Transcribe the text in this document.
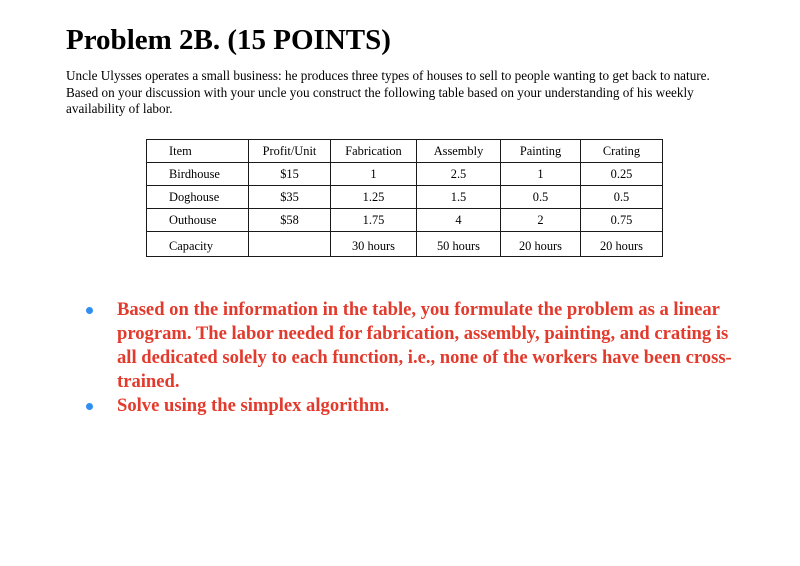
Problem 2B. (15 POINTS)

Uncle Ulysses operates a small business: he produces three types of houses to sell to people wanting to get back to nature. Based on your discussion with your uncle you construct the following table based on your understanding of his weekly availability of labor.

Item	Profit/Unit	Fabrication	Assembly	Painting	Crating
Birdhouse	$15	1	2.5	1	0.25
Doghouse	$35	1.25	1.5	0.5	0.5
Outhouse	$58	1.75	4	2	0.75
Capacity		30 hours	50 hours	20 hours	20 hours
Based on the information in the table, you formulate the problem as a linear program. The labor needed for fabrication, assembly, painting, and crating is all dedicated solely to each function, i.e., none of the workers have been cross-trained.
Solve using the simplex algorithm.
